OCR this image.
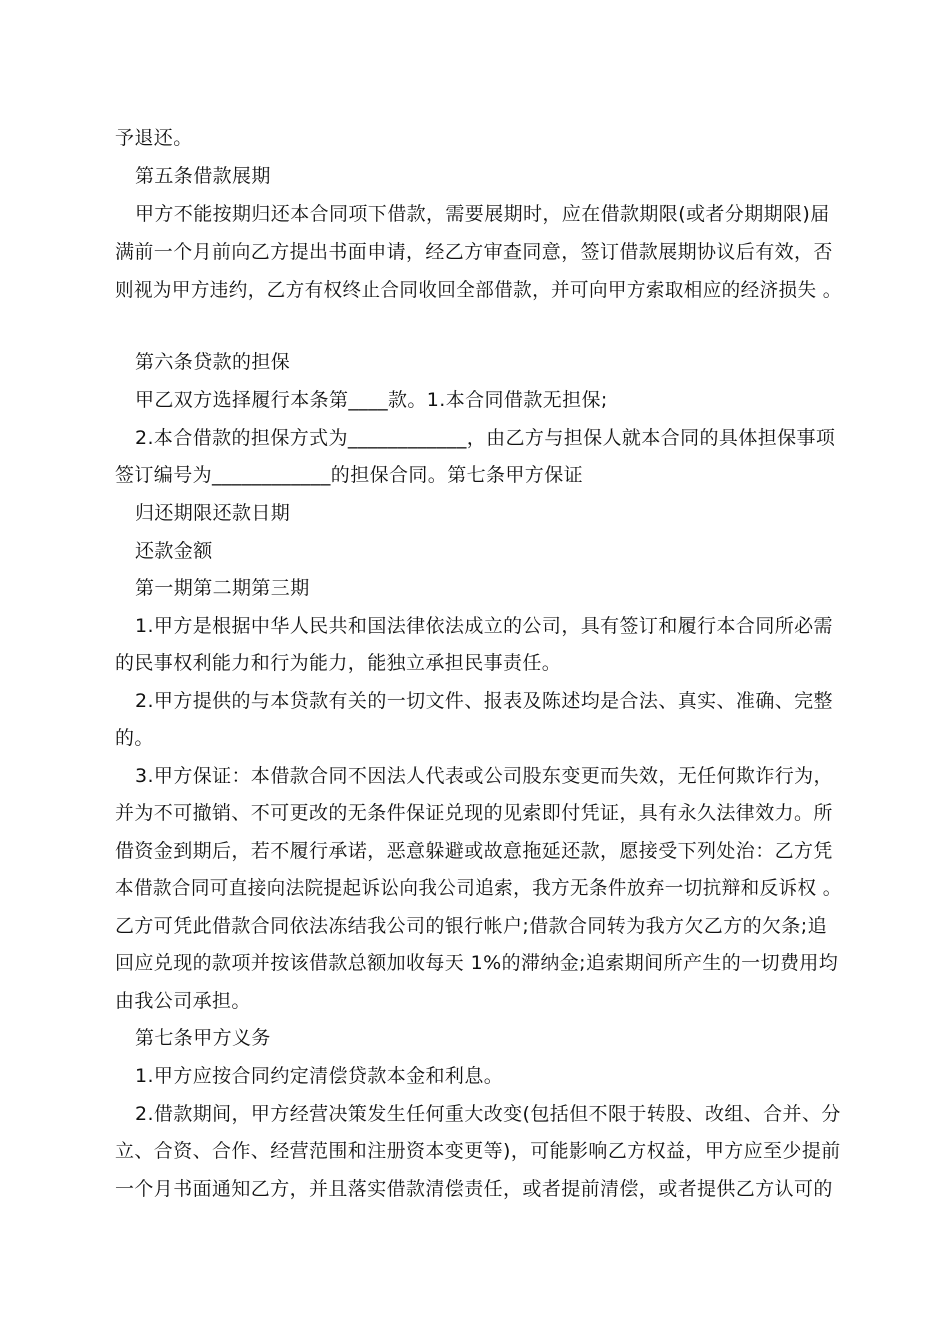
予退还。
第五条借款展期
甲方不能按期归还本合同项下借款，需要展期时，应在借款期限(或者分期期限)届
满前一个月前向乙方提出书面申请，经乙方审查同意，签订借款展期协议后有效，否
则视为甲方违约，乙方有权终止合同收回全部借款，并可向甲方索取相应的经济损失 。
第六条贷款的担保
甲乙双方选择履行本条第____款。1.本合同借款无担保;
2.本合借款的担保方式为____________，由乙方与担保人就本合同的具体担保事项
签订编号为____________的担保合同。第七条甲方保证
归还期限还款日期
还款金额
第一期第二期第三期
1.甲方是根据中华人民共和国法律依法成立的公司，具有签订和履行本合同所必需
的民事权利能力和行为能力，能独立承担民事责任。
2.甲方提供的与本贷款有关的一切文件、报表及陈述均是合法、真实、准确、完整
的。
3.甲方保证：本借款合同不因法人代表或公司股东变更而失效，无任何欺诈行为，
并为不可撤销、不可更改的无条件保证兑现的见索即付凭证，具有永久法律效力。所
借资金到期后，若不履行承诺，恶意躲避或故意拖延还款，愿接受下列处治：乙方凭
本借款合同可直接向法院提起诉讼向我公司追索，我方无条件放弃一切抗辩和反诉权 。
乙方可凭此借款合同依法冻结我公司的银行帐户;借款合同转为我方欠乙方的欠条;追
回应兑现的款项并按该借款总额加收每天 1%的滞纳金;追索期间所产生的一切费用均
由我公司承担。
第七条甲方义务
1.甲方应按合同约定清偿贷款本金和利息。
2.借款期间，甲方经营决策发生任何重大改变(包括但不限于转股、改组、合并、分
立、合资、合作、经营范围和注册资本变更等)，可能影响乙方权益，甲方应至少提前
一个月书面通知乙方，并且落实借款清偿责任，或者提前清偿，或者提供乙方认可的
